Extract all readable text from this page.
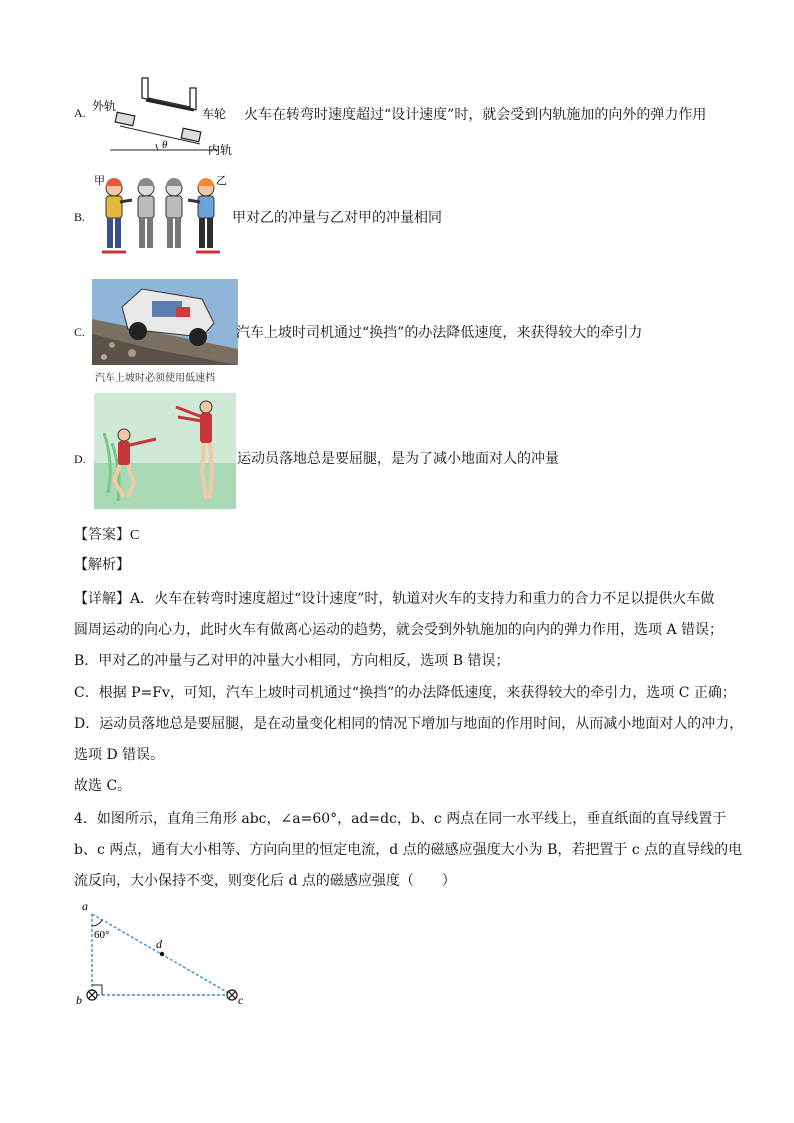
A. 外轨
车轮
内轨
θ
火车在转弯时速度超过“设计速度”时，就会受到内轨施加的向外的弹力作用
B.
甲	乙
甲对乙的冲量与乙对甲的冲量相同
C.
汽车上坡时必须使用低速档
汽车上坡时司机通过“换挡”的办法降低速度，来获得较大的牵引力
D.	运动员落地总是要屈腿，是为了减小地面对人的冲量
【答案】C
【解析】
【详解】A．火车在转弯时速度超过“设计速度”时，轨道对火车的支持力和重力的合力不足以提供火车做
圆周运动的向心力，此时火车有做离心运动的趋势，就会受到外轨施加的向内的弹力作用，选项 A 错误；
B．甲对乙的冲量与乙对甲的冲量大小相同，方向相反，选项 B 错误；
C．根据 P=Fv，可知，汽车上坡时司机通过“换挡”的办法降低速度，来获得较大的牵引力，选项 C 正确；
D．运动员落地总是要屈腿，是在动量变化相同的情况下增加与地面的作用时间，从而减小地面对人的冲力，
选项 D 错误。
故选 C。
4．如图所示，直角三角形 abc，∠a=60°，ad=dc，b、c 两点在同一水平线上，垂直纸面的直导线置于
b、c 两点，通有大小相等、方向向里的恒定电流，d 点的磁感应强度大小为 B，若把置于 c 点的直导线的电
流反向，大小保持不变，则变化后 d 点的磁感应强度（　　）
a
60°
d
b	c
